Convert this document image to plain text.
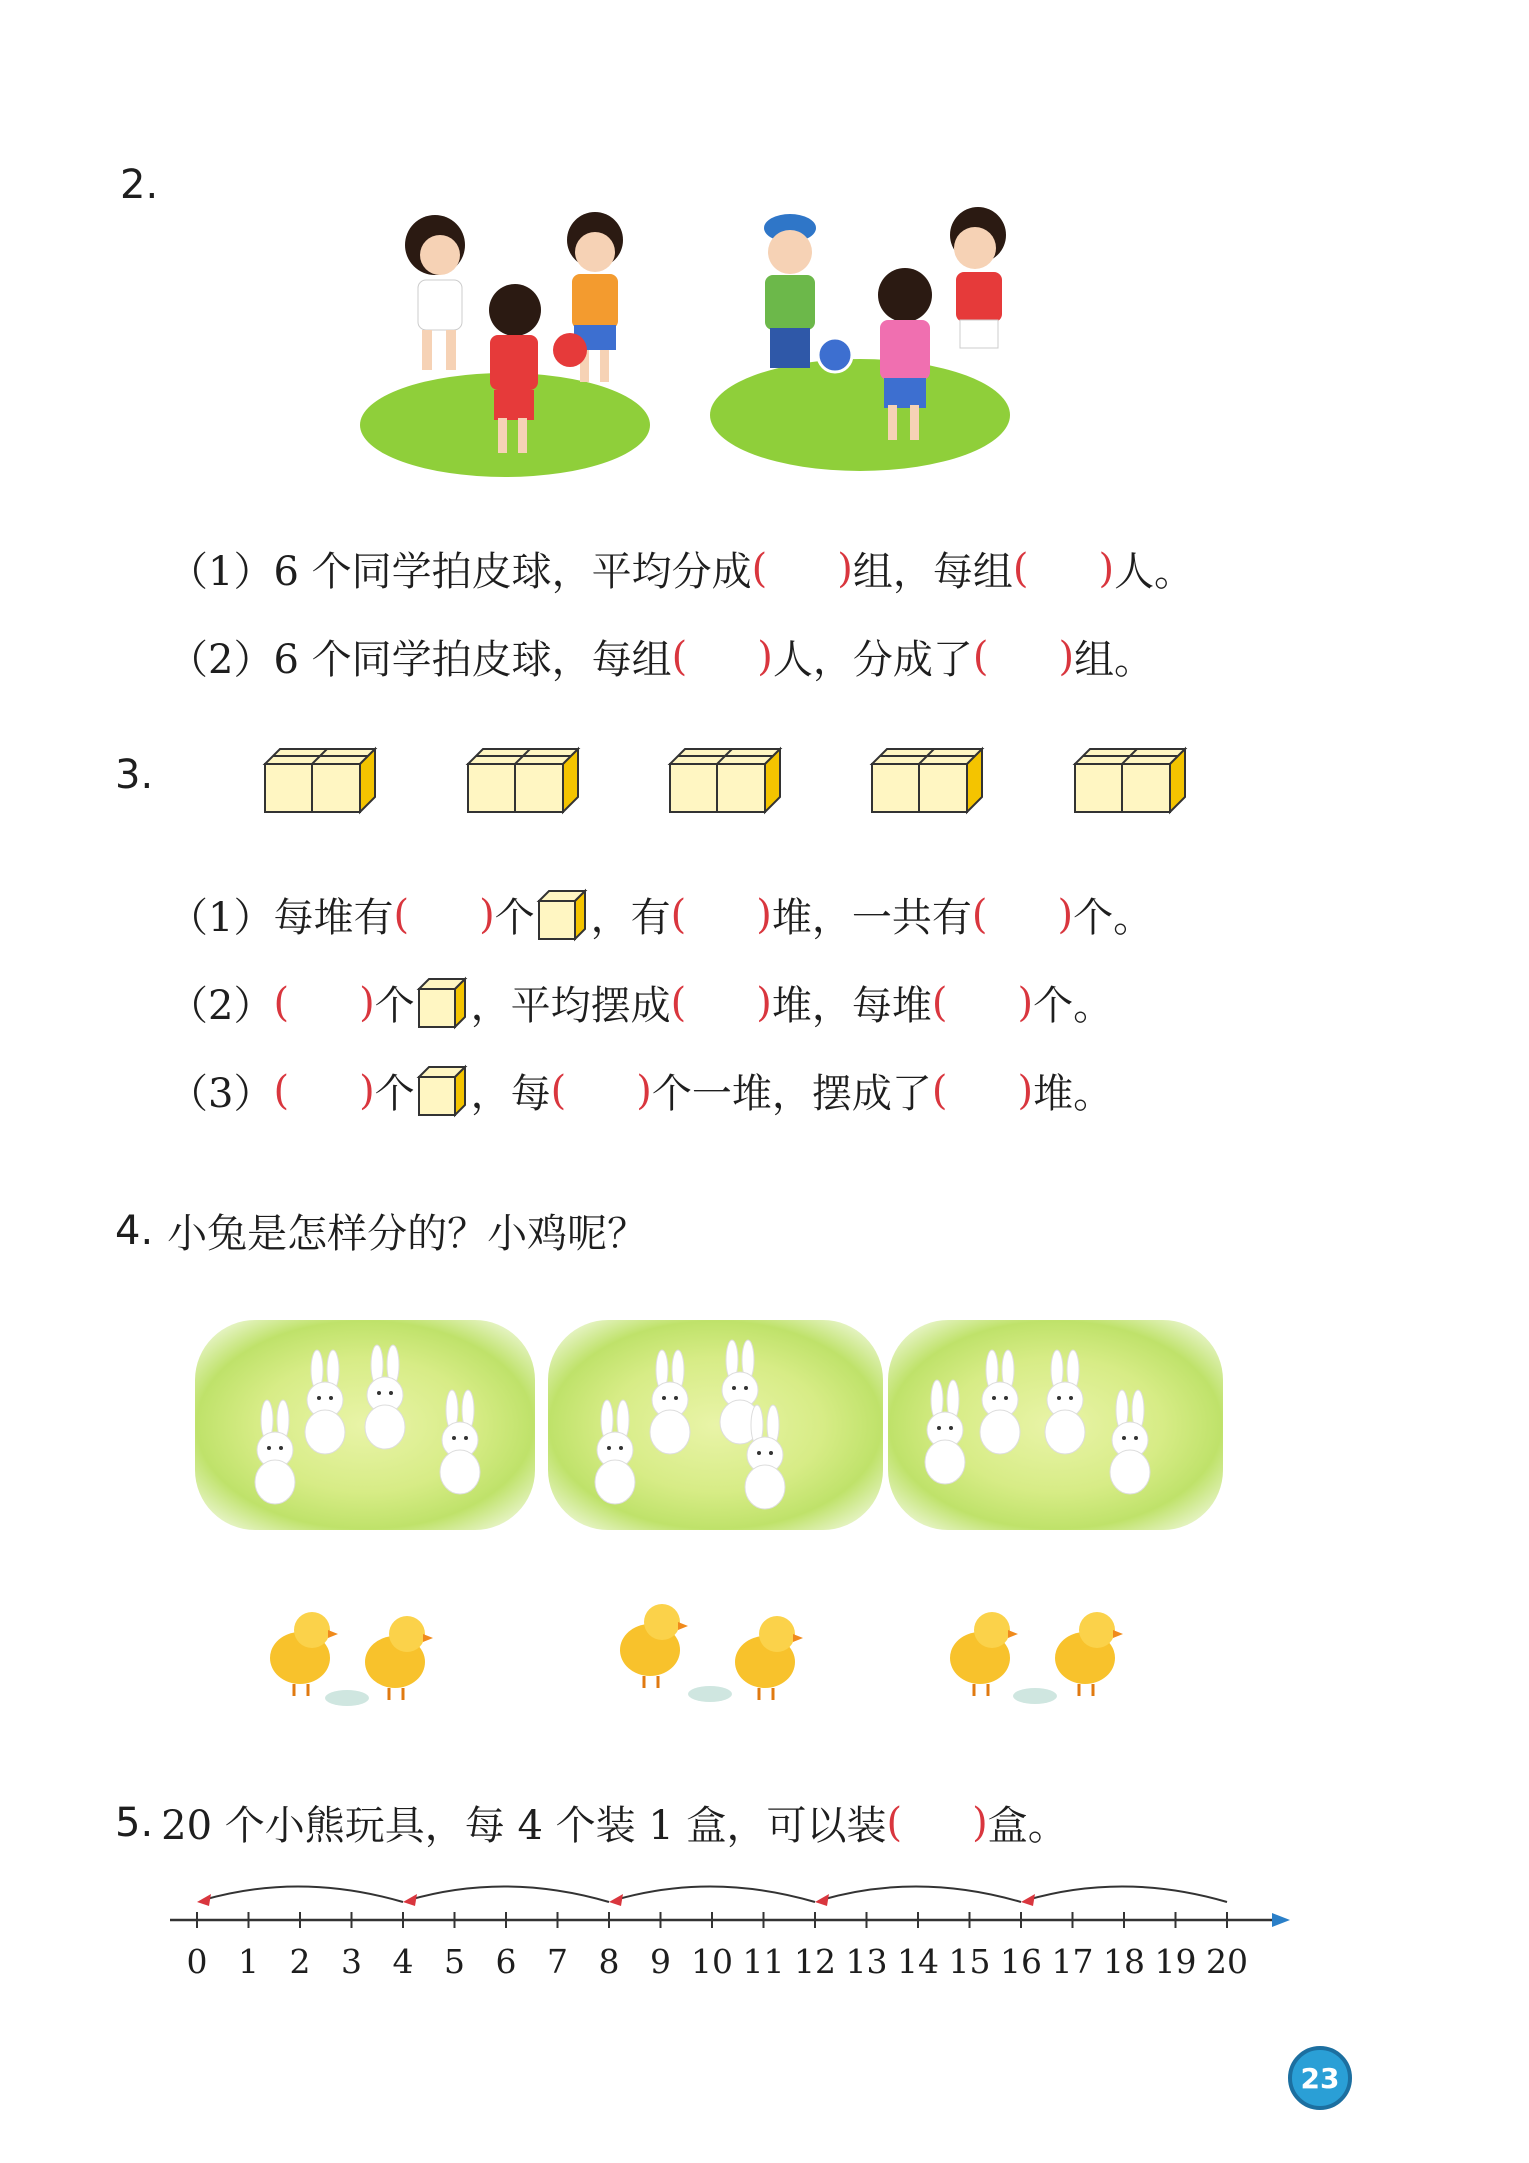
2.
（1） 6 个同学拍皮球，平均分成 ( ) 组，每组 ( ) 人。
（2） 6 个同学拍皮球，每组 ( ) 人，分成了 ( ) 组。
3.
（1） 每堆有 ( ) 个 ，有 ( ) 堆，一共有 ( ) 个。
（2） ( ) 个 ，平均摆成 ( ) 堆，每堆 ( ) 个。
（3） ( ) 个 ，每 ( ) 个一堆，摆成了 ( ) 堆。
4. 小兔是怎样分的？小鸡呢？
5. 20 个小熊玩具，每 4 个装 1 盒，可以装 ( ) 盒。
0 1 2 3 4 5 6 7 8 9 10 11 12 13 14 15 16 17 18 19 20
23
